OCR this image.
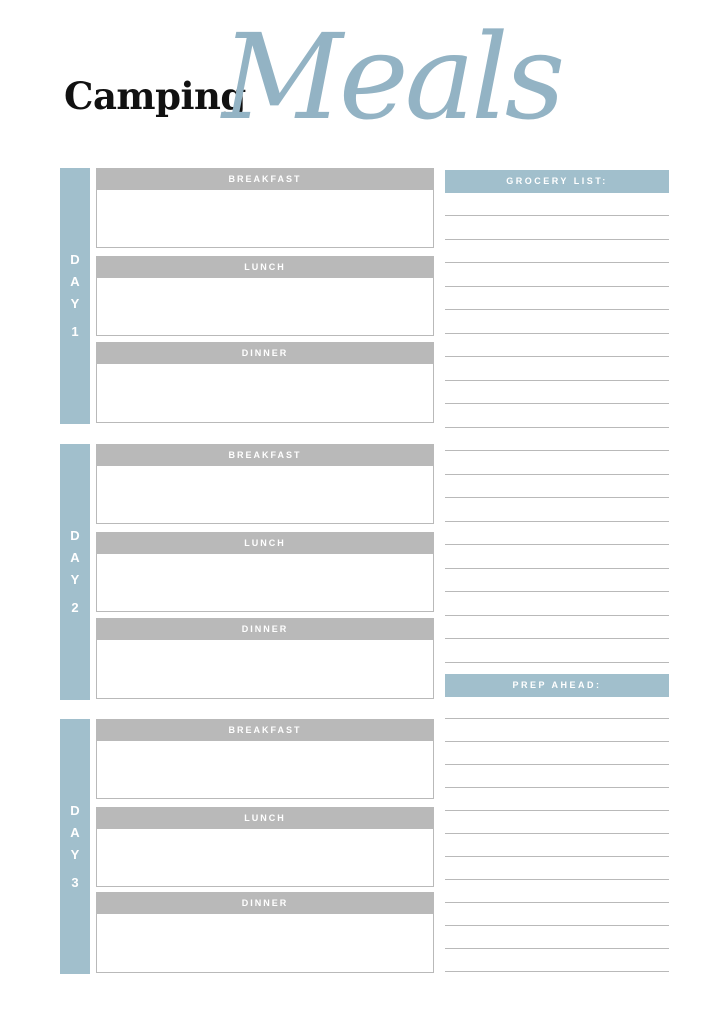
Camping
Meals
D
A
Y
1
BREAKFAST
LUNCH
DINNER
D
A
Y
2
BREAKFAST
LUNCH
DINNER
D
A
Y
3
BREAKFAST
LUNCH
DINNER
GROCERY LIST:
PREP AHEAD:
